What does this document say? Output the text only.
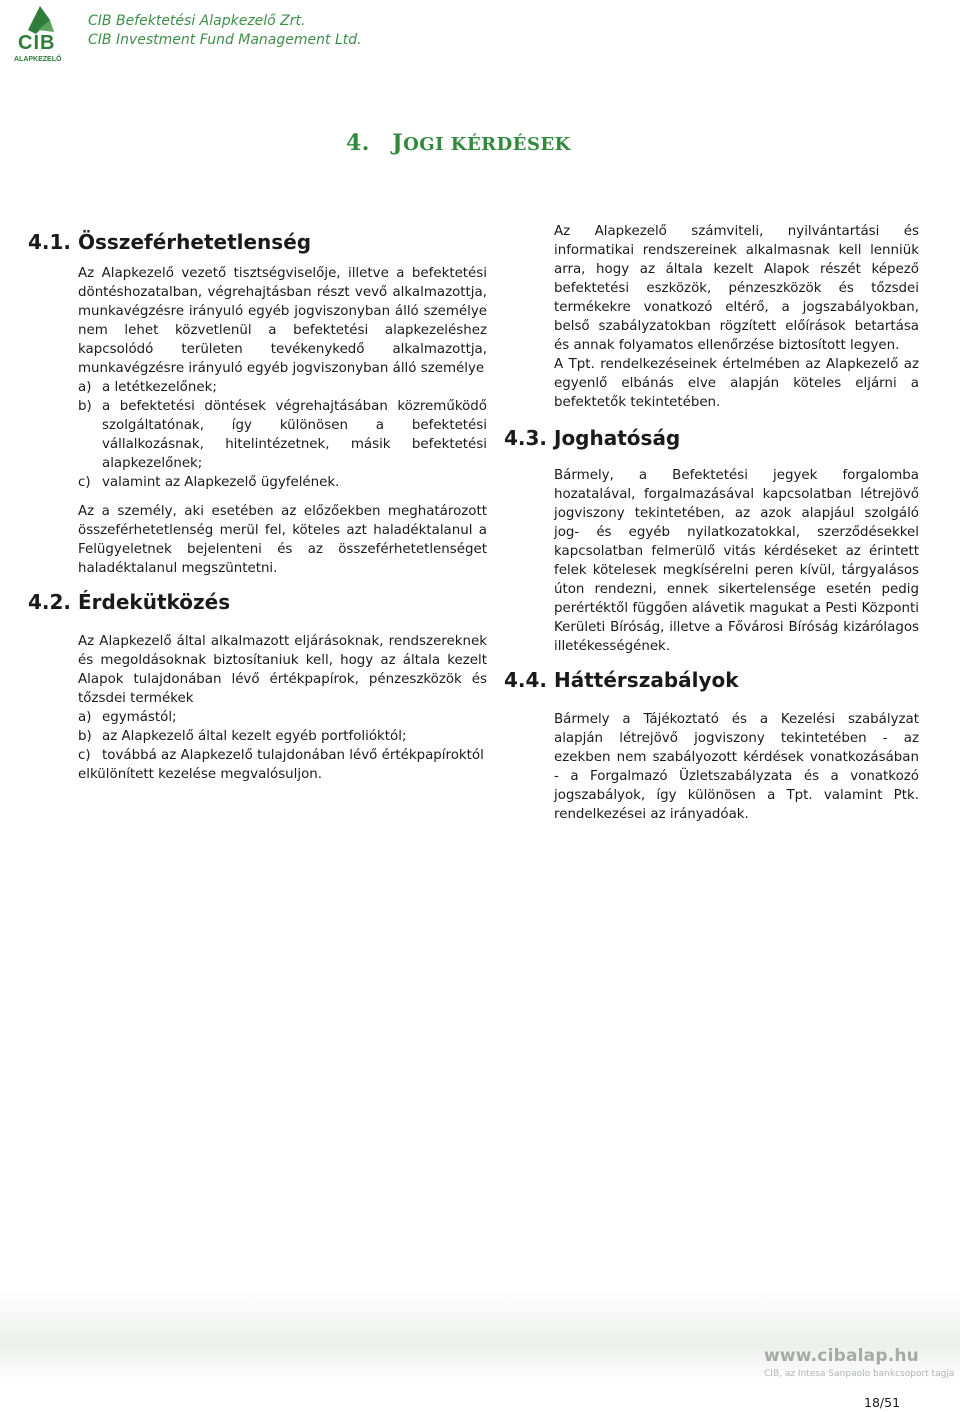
CIB
ALAPKEZELŐ
CIB Befektetési Alapkezelő Zrt.
CIB Investment Fund Management Ltd.
4. JOGI KÉRDÉSEK
4.1. Összeférhetetlenség

Az Alapkezelő vezető tisztségviselője, illetve a befektetési döntéshozatalban, végrehajtásban részt vevő alkalmazottja, munkavégzésre irányuló egyéb jogviszonyban álló személye nem lehet közvetlenül a befektetési alapkezeléshez kapcsolódó területen tevékenykedő alkalmazottja, munkavégzésre irányuló egyéb jogviszonyban álló személye

a) a letétkezelőnek;
b) a befektetési döntések végrehajtásában közreműködő szolgáltatónak, így különösen a befektetési vállalkozásnak, hitelintézetnek, másik befektetési alapkezelőnek;
c) valamint az Alapkezelő ügyfelének.

Az a személy, aki esetében az előzőekben meghatározott összeférhetetlenség merül fel, köteles azt haladéktalanul a Felügyeletnek bejelenteni és az összeférhetetlenséget haladéktalanul megszüntetni.

4.2. Érdekütközés

Az Alapkezelő által alkalmazott eljárásoknak, rendszereknek és megoldásoknak biztosítaniuk kell, hogy az általa kezelt Alapok tulajdonában lévő értékpapírok, pénzeszközök és tőzsdei termékek

a) egymástól;
b) az Alapkezelő által kezelt egyéb portfolióktól;
c) továbbá az Alapkezelő tulajdonában lévő értékpapíroktól

elkülönített kezelése megvalósuljon.

Az Alapkezelő számviteli, nyilvántartási és informatikai rendszereinek alkalmasnak kell lenniük arra, hogy az általa kezelt Alapok részét képező befektetési eszközök, pénzeszközök és tőzsdei termékekre vonatkozó eltérő, a jogszabályokban, belső szabályzatokban rögzített előírások betartása és annak folyamatos ellenőrzése biztosított legyen.

A Tpt. rendelkezéseinek értelmében az Alapkezelő az egyenlő elbánás elve alapján köteles eljárni a befektetők tekintetében.

4.3. Joghatóság

Bármely, a Befektetési jegyek forgalomba hozatalával, forgalmazásával kapcsolatban létrejövő jogviszony tekintetében, az azok alapjául szolgáló jog- és egyéb nyilatkozatokkal, szerződésekkel kapcsolatban felmerülő vitás kérdéseket az érintett felek kötelesek megkísérelni peren kívül, tárgyalásos úton rendezni, ennek sikertelensége esetén pedig perértéktől függően alávetik magukat a Pesti Központi Kerületi Bíróság, illetve a Fővárosi Bíróság kizárólagos illetékességének.

4.4. Háttérszabályok

Bármely a Tájékoztató és a Kezelési szabályzat alapján létrejövő jogviszony tekintetében - az ezekben nem szabályozott kérdések vonatkozásában - a Forgalmazó Üzletszabályzata és a vonatkozó jogszabályok, így különösen a Tpt. valamint Ptk. rendelkezései az irányadóak.

www.cibalap.hu
CIB, az Intesa Sanpaolo bankcsoport tagja
18/51
